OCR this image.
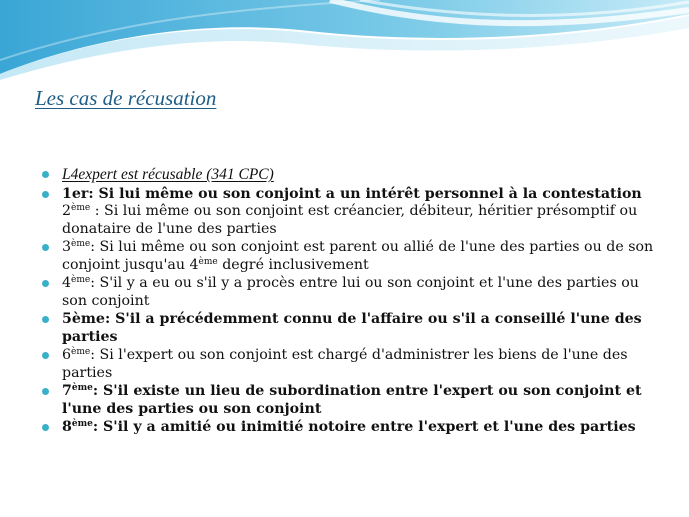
Les cas de récusation
L4expert est récusable (341 CPC)
1er: Si lui même ou son conjoint a un intérêt personnel à la contestation
2ème : Si lui même ou son conjoint est créancier, débiteur, héritier présomptif ou donataire de l'une des parties
3ème: Si lui même ou son conjoint est parent ou allié de l'une des parties ou de son conjoint jusqu'au 4ème degré inclusivement
4ème: S'il y a eu ou s'il y a procès entre lui ou son conjoint et l'une des parties ou son conjoint
5ème: S'il a précédemment connu de l'affaire ou s'il a conseillé l'une des parties
6ème: Si l'expert ou son conjoint est chargé d'administrer les biens de l'une des parties
7ème: S'il existe un lieu de subordination entre l'expert ou son conjoint et l'une des parties ou son conjoint
8ème: S'il y a amitié ou inimitié notoire entre l'expert et l'une des parties
